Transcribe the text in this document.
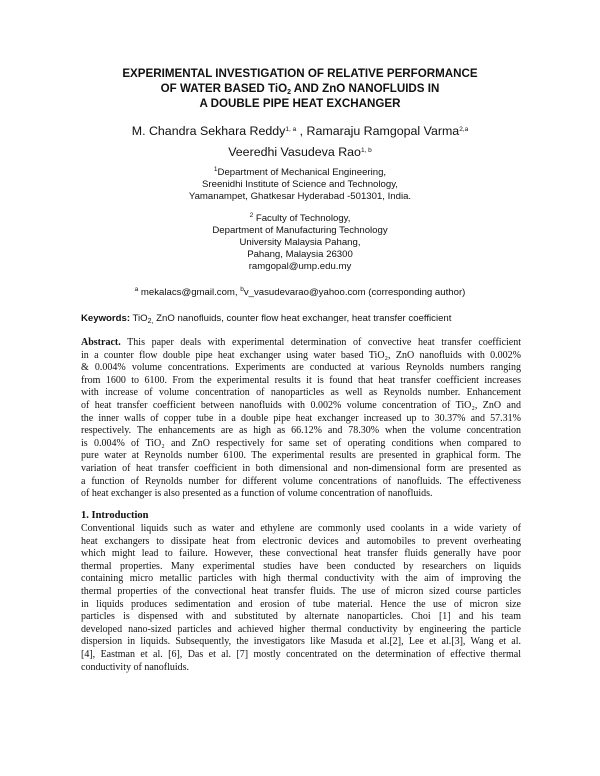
EXPERIMENTAL INVESTIGATION OF RELATIVE PERFORMANCE
OF WATER BASED TiO$_2$ AND ZnO NANOFLUIDS IN
A DOUBLE PIPE HEAT EXCHANGER
M. Chandra Sekhara Reddy$^{1, a}$ , Ramaraju Ramgopal Varma$^{2,a}$
Veeredhi Vasudeva Rao$^{1, b}$
$^1$Department of Mechanical Engineering,
Sreenidhi Institute of Science and Technology,
Yamanampet, Ghatkesar Hyderabad -501301, India.
$^2$ Faculty of Technology,
Department of Manufacturing Technology
University Malaysia Pahang,
Pahang, Malaysia 26300
ramgopal@ump.edu.my
$^a$ mekalacs@gmail.com, $^b$v_vasudevarao@yahoo.com (corresponding author)
Keywords: TiO$_{2,}$ ZnO nanofluids, counter flow heat exchanger, heat transfer coefficient
Abstract. This paper deals with experimental determination of convective heat transfer coefficient
in a counter flow double pipe heat exchanger using water based TiO₂, ZnO nanofluids with 0.002%
& 0.004% volume concentrations. Experiments are conducted at various Reynolds numbers ranging
from 1600 to 6100. From the experimental results it is found that heat transfer coefficient increases
with increase of volume concentration of nanoparticles as well as Reynolds number. Enhancement
of heat transfer coefficient between nanofluids with 0.002% volume concentration of TiO₂, ZnO and
the inner walls of copper tube in a double pipe heat exchanger increased up to 30.37% and 57.31%
respectively. The enhancements are as high as 66.12% and 78.30% when the volume concentration
is 0.004% of TiO₂ and ZnO respectively for same set of operating conditions when compared to
pure water at Reynolds number 6100. The experimental results are presented in graphical form. The
variation of heat transfer coefficient in both dimensional and non-dimensional form are presented as
a function of Reynolds number for different volume concentrations of nanofluids. The effectiveness
of heat exchanger is also presented as a function of volume concentration of nanofluids.
1. Introduction
Conventional liquids such as water and ethylene are commonly used coolants in a wide variety of
heat exchangers to dissipate heat from electronic devices and automobiles to prevent overheating
which might lead to failure. However, these convectional heat transfer fluids generally have poor
thermal properties. Many experimental studies have been conducted by researchers on liquids
containing micro metallic particles with high thermal conductivity with the aim of improving the
thermal properties of the convectional heat transfer fluids. The use of micron sized course particles
in liquids produces sedimentation and erosion of tube material. Hence the use of micron size
particles is dispensed with and substituted by alternate nanoparticles. Choi [1] and his team
developed nano-sized particles and achieved higher thermal conductivity by engineering the particle
dispersion in liquids. Subsequently, the investigators like Masuda et al.[2], Lee et al.[3], Wang et al.
[4], Eastman et al. [6], Das et al. [7] mostly concentrated on the determination of effective thermal
conductivity of nanofluids.
